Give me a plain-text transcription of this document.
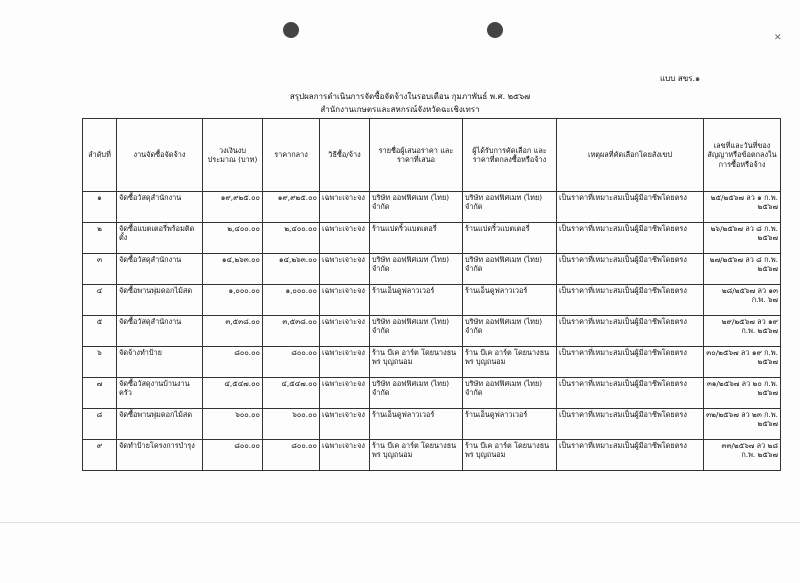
✕
แบบ สขร.๑
สรุปผลการดำเนินการจัดซื้อจัดจ้างในรอบเดือน กุมภาพันธ์ พ.ศ. ๒๕๖๗
สำนักงานเกษตรและสหกรณ์จังหวัดฉะเชิงเทรา
ลำดับที่	งานจัดซื้อจัดจ้าง	วงเงินงบประมาณ (บาท)	ราคากลาง	วิธีซื้อ/จ้าง	รายชื่อผู้เสนอราคา และราคาที่เสนอ	ผู้ได้รับการคัดเลือก และราคาที่ตกลงซื้อหรือจ้าง	เหตุผลที่คัดเลือกโดยสังเขป	เลขที่และวันที่ของสัญญาหรือข้อตกลงในการซื้อหรือจ้าง
๑	จัดซื้อวัสดุสำนักงาน	๑๙,๙๒๕.๐๐	๑๙,๙๒๕.๐๐	เฉพาะเจาะจง	บริษัท ออฟฟิศเมท (ไทย) จำกัด	บริษัท ออฟฟิศเมท (ไทย) จำกัด	เป็นราคาที่เหมาะสมเป็นผู้มีอาชีพโดยตรง	๒๕/๒๕๖๗ ลว ๑ ก.พ. ๒๕๖๗
๒	จัดซื้อแบตเตอรี่พร้อมติดตั้ง	๒,๔๐๐.๐๐	๒,๔๐๐.๐๐	เฉพาะเจาะจง	ร้านแปดริ้วแบตเตอรี่	ร้านแปดริ้วแบตเตอรี่	เป็นราคาที่เหมาะสมเป็นผู้มีอาชีพโดยตรง	๒๖/๒๕๖๗ ลว ๘ ก.พ. ๒๕๖๗
๓	จัดซื้อวัสดุสำนักงาน	๑๔,๒๖๓.๐๐	๑๔,๒๖๓.๐๐	เฉพาะเจาะจง	บริษัท ออฟฟิศเมท (ไทย) จำกัด	บริษัท ออฟฟิศเมท (ไทย) จำกัด	เป็นราคาที่เหมาะสมเป็นผู้มีอาชีพโดยตรง	๒๗/๒๕๖๗ ลว ๘ ก.พ. ๒๕๖๗
๔	จัดซื้อพานพุ่มดอกไม้สด	๑,๐๐๐.๐๐	๑,๐๐๐.๐๐	เฉพาะเจาะจง	ร้านเอ็นดูฟลาวเวอร์	ร้านเอ็นดูฟลาวเวอร์	เป็นราคาที่เหมาะสมเป็นผู้มีอาชีพโดยตรง	๒๘/๒๕๖๗ ลว ๑๓ ก.พ. ๖๗
๕	จัดซื้อวัสดุสำนักงาน	๓,๕๓๘.๐๐	๓,๕๓๘.๐๐	เฉพาะเจาะจง	บริษัท ออฟฟิศเมท (ไทย) จำกัด	บริษัท ออฟฟิศเมท (ไทย) จำกัด	เป็นราคาที่เหมาะสมเป็นผู้มีอาชีพโดยตรง	๒๙/๒๕๖๗ ลว ๑๙ ก.พ. ๒๕๖๗
๖	จัดจ้างทำป้าย	๘๐๐.๐๐	๘๐๐.๐๐	เฉพาะเจาะจง	ร้าน บีเค อาร์ต โดยนางธนพร บุญถนอม	ร้าน บีเค อาร์ต โดยนางธนพร บุญถนอม	เป็นราคาที่เหมาะสมเป็นผู้มีอาชีพโดยตรง	๓๐/๒๕๖๗ ลว ๑๙ ก.พ. ๒๕๖๗
๗	จัดซื้อวัสดุงานบ้านงานครัว	๔,๕๔๗.๐๐	๔,๕๔๗.๐๐	เฉพาะเจาะจง	บริษัท ออฟฟิศเมท (ไทย) จำกัด	บริษัท ออฟฟิศเมท (ไทย) จำกัด	เป็นราคาที่เหมาะสมเป็นผู้มีอาชีพโดยตรง	๓๑/๒๕๖๗ ลว ๒๐ ก.พ. ๒๕๖๗
๘	จัดซื้อพานพุ่มดอกไม้สด	๖๐๐.๐๐	๖๐๐.๐๐	เฉพาะเจาะจง	ร้านเอ็นดูฟลาวเวอร์	ร้านเอ็นดูฟลาวเวอร์	เป็นราคาที่เหมาะสมเป็นผู้มีอาชีพโดยตรง	๓๒/๒๕๖๗ ลว ๒๓ ก.พ. ๒๕๖๗
๙	จัดทำป้ายโครงการบำรุง	๘๐๐.๐๐	๘๐๐.๐๐	เฉพาะเจาะจง	ร้าน บีเค อาร์ต โดยนางธนพร บุญถนอม	ร้าน บีเค อาร์ต โดยนางธนพร บุญถนอม	เป็นราคาที่เหมาะสมเป็นผู้มีอาชีพโดยตรง	๓๓/๒๕๖๗ ลว ๒๘ ก.พ. ๒๕๖๗
